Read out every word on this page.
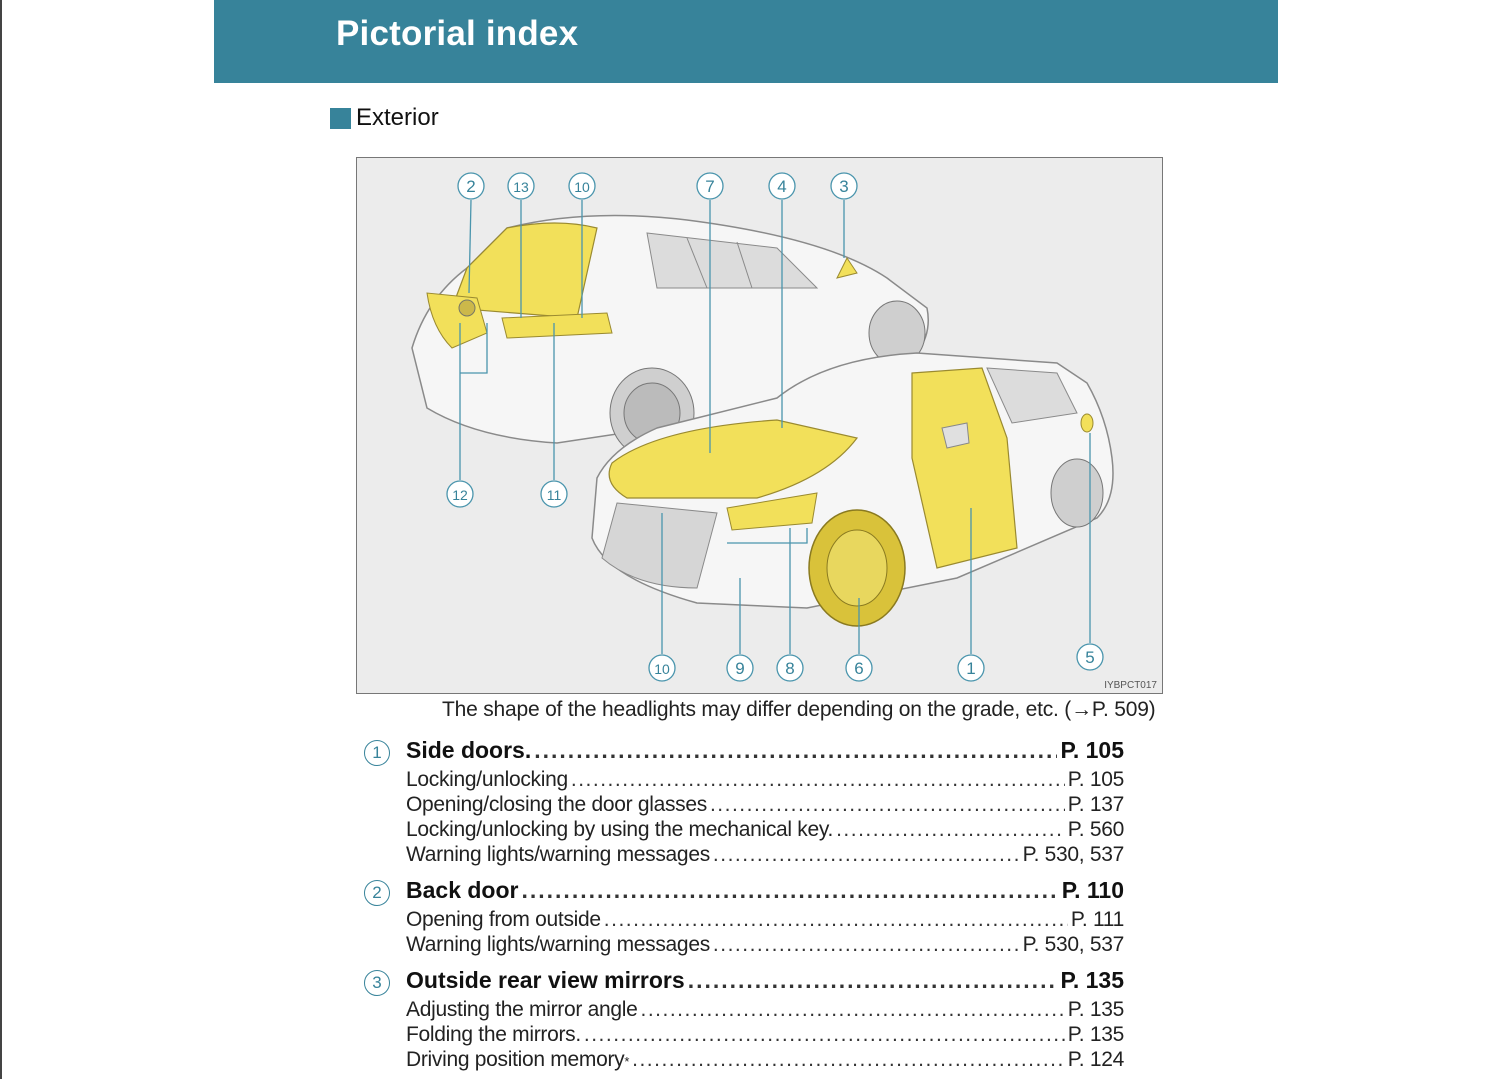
Pictorial index
Exterior
2	13	10	7	4	3
12	11
10	9 8	6	1
5
IYBPCT017
The shape of the headlights may differ depending on the grade, etc. (→P. 509)
1	Side doors. .....	P. 105
Locking/unlocking .....	P. 105
Opening/closing the door glasses .....	P. 137
Locking/unlocking by using the mechanical key. .....	P. 560
Warning lights/warning messages .....	P. 530, 537
2	Back door .....	P. 110
Opening from outside .....	P. 111
Warning lights/warning messages .....	P. 530, 537
3	Outside rear view mirrors .....	P. 135
Adjusting the mirror angle .....	P. 135
Folding the mirrors. .....	P. 135
Driving position memory * .....	P. 124
